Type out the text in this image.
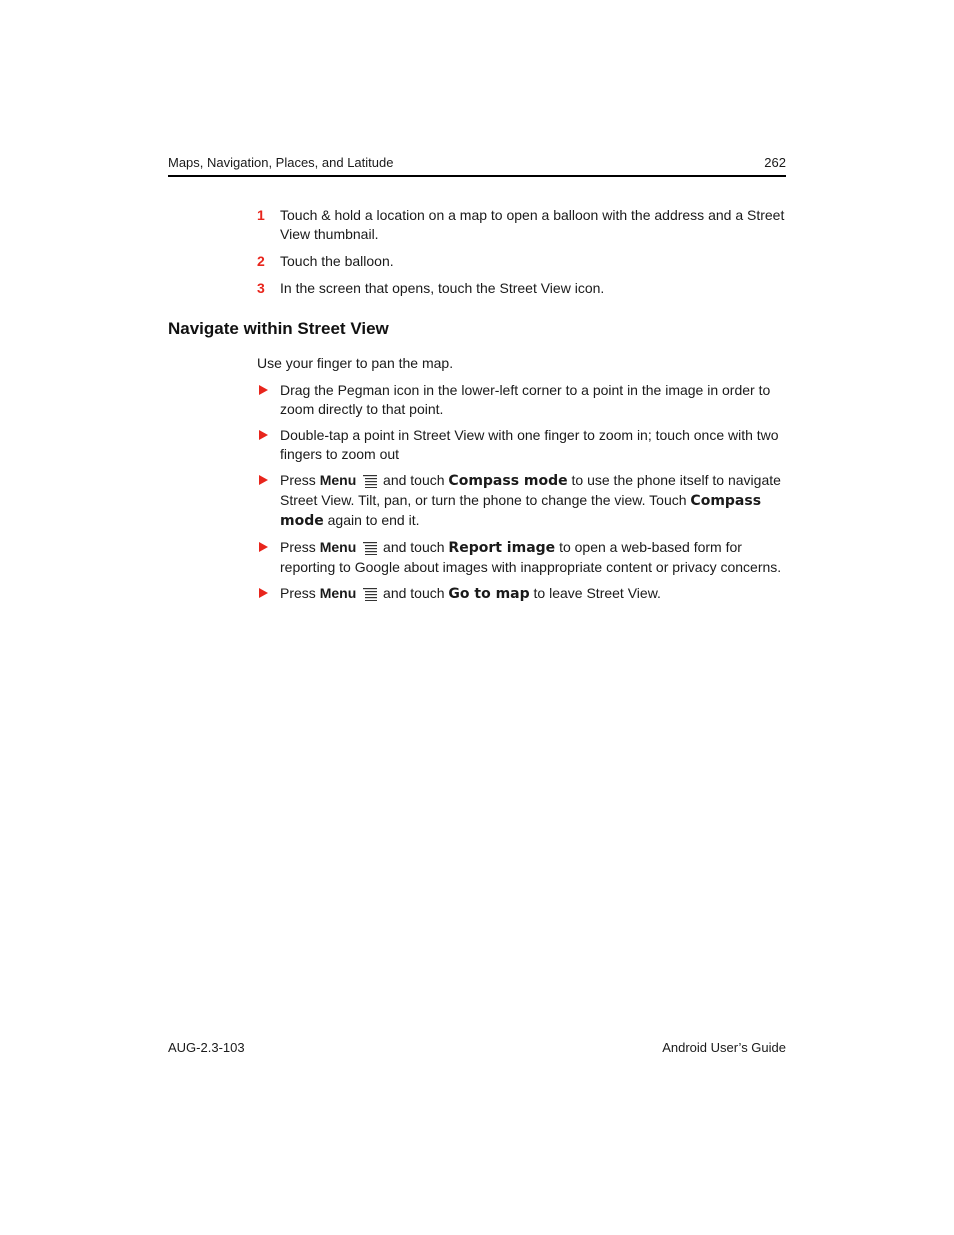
Maps, Navigation, Places, and Latitude	262
1 Touch & hold a location on a map to open a balloon with the address and a Street View thumbnail.
2 Touch the balloon.
3 In the screen that opens, touch the Street View icon.
Navigate within Street View
Use your finger to pan the map.
Drag the Pegman icon in the lower-left corner to a point in the image in order to zoom directly to that point.
Double-tap a point in Street View with one finger to zoom in; touch once with two fingers to zoom out
Press Menu and touch Compass mode to use the phone itself to navigate Street View. Tilt, pan, or turn the phone to change the view. Touch Compass mode again to end it.
Press Menu and touch Report image to open a web-based form for reporting to Google about images with inappropriate content or privacy concerns.
Press Menu and touch Go to map to leave Street View.
AUG-2.3-103	Android User’s Guide
